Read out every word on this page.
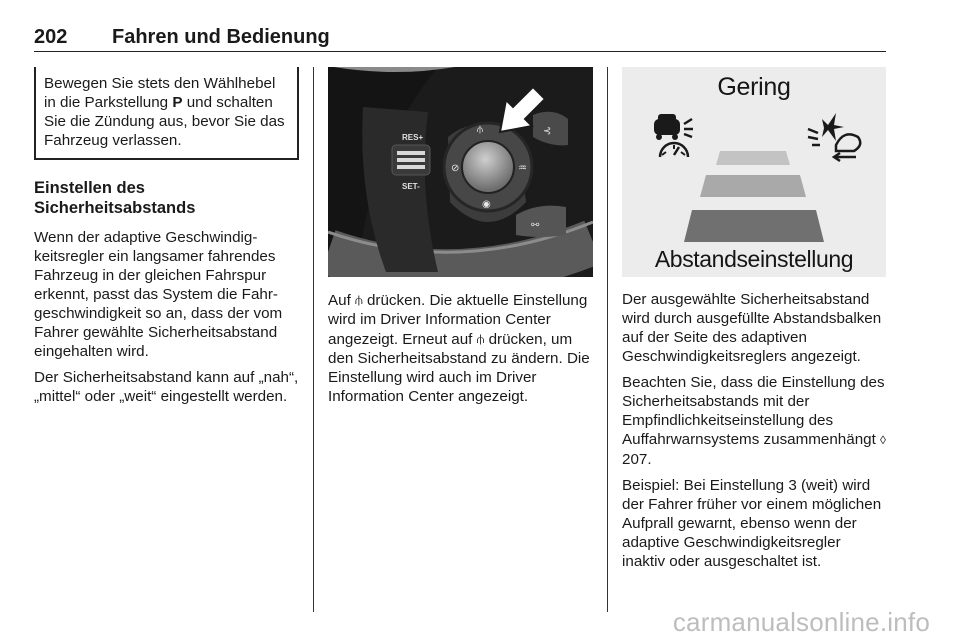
202 Fahren und Bedienung
Bewegen Sie stets den Wählhebel in die Parkstellung P und schalten Sie die Zündung aus, bevor Sie das Fahrzeug verlassen.
Einstellen des
Sicherheitsabstands

Wenn der adaptive Geschwindigkeitsregler ein langsamer fahrendes Fahrzeug in der gleichen Fahrspur erkennt, passt das System die Fahrgeschwindigkeit so an, dass der vom Fahrer gewählte Sicherheitsabstand eingehalten wird.

Der Sicherheitsabstand kann auf „nah“, „mittel“ oder „weit“ eingestellt werden.

RES+
SET-
⫛
⊘	♒
◉
⊰
⚯

Auf ⫛ drücken. Die aktuelle Einstellung wird im Driver Information Center angezeigt. Erneut auf ⫛ drücken, um den Sicherheitsabstand zu ändern. Die Einstellung wird auch im Driver Information Center angezeigt.

Gering
Abstandseinstellung

Der ausgewählte Sicherheitsabstand wird durch ausgefüllte Abstandsbalken auf der Seite des adaptiven Geschwindigkeitsreglers angezeigt.

Beachten Sie, dass die Einstellung des Sicherheitsabstands mit der Empfindlichkeitseinstellung des Auffahrwarnsystems zusammenhängt ◊ 207.

Beispiel: Bei Einstellung 3 (weit) wird der Fahrer früher vor einem möglichen Aufprall gewarnt, ebenso wenn der adaptive Geschwindigkeitsregler inaktiv oder ausgeschaltet ist.

carmanualsonline.info
